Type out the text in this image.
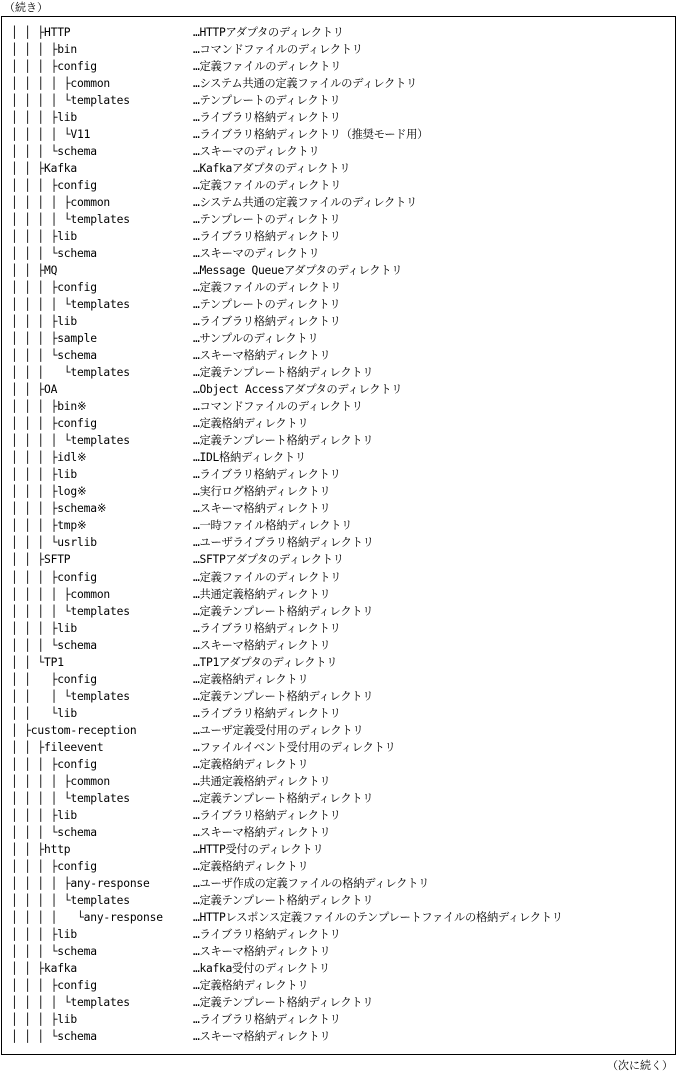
（続き）
│ │ ├HTTP	…HTTPアダプタのディレクトリ
│ │ │ ├bin	…コマンドファイルのディレクトリ
│ │ │ ├config	…定義ファイルのディレクトリ
│ │ │ │ ├common	…システム共通の定義ファイルのディレクトリ
│ │ │ │ └templates	…テンプレートのディレクトリ
│ │ │ ├lib	…ライブラリ格納ディレクトリ
│ │ │ │ └V11	…ライブラリ格納ディレクトリ（推奨モード用）
│ │ │ └schema	…スキーマのディレクトリ
│ │ ├Kafka	…Kafkaアダプタのディレクトリ
│ │ │ ├config	…定義ファイルのディレクトリ
│ │ │ │ ├common	…システム共通の定義ファイルのディレクトリ
│ │ │ │ └templates	…テンプレートのディレクトリ
│ │ │ ├lib	…ライブラリ格納ディレクトリ
│ │ │ └schema	…スキーマのディレクトリ
│ │ ├MQ	…Message Queueアダプタのディレクトリ
│ │ │ ├config	…定義ファイルのディレクトリ
│ │ │ │ └templates	…テンプレートのディレクトリ
│ │ │ ├lib	…ライブラリ格納ディレクトリ
│ │ │ ├sample	…サンプルのディレクトリ
│ │ │ └schema	…スキーマ格納ディレクトリ
│ │ │   └templates	…定義テンプレート格納ディレクトリ
│ │ ├OA	…Object Accessアダプタのディレクトリ
│ │ │ ├bin※	…コマンドファイルのディレクトリ
│ │ │ ├config	…定義格納ディレクトリ
│ │ │ │ └templates	…定義テンプレート格納ディレクトリ
│ │ │ ├idl※	…IDL格納ディレクトリ
│ │ │ ├lib	…ライブラリ格納ディレクトリ
│ │ │ ├log※	…実行ログ格納ディレクトリ
│ │ │ ├schema※	…スキーマ格納ディレクトリ
│ │ │ ├tmp※	…一時ファイル格納ディレクトリ
│ │ │ └usrlib	…ユーザライブラリ格納ディレクトリ
│ │ ├SFTP	…SFTPアダプタのディレクトリ
│ │ │ ├config	…定義ファイルのディレクトリ
│ │ │ │ ├common	…共通定義格納ディレクトリ
│ │ │ │ └templates	…定義テンプレート格納ディレクトリ
│ │ │ ├lib	…ライブラリ格納ディレクトリ
│ │ │ └schema	…スキーマ格納ディレクトリ
│ │ └TP1	…TP1アダプタのディレクトリ
│ │   ├config	…定義格納ディレクトリ
│ │   │ └templates	…定義テンプレート格納ディレクトリ
│ │   └lib	…ライブラリ格納ディレクトリ
│ ├custom-reception	…ユーザ定義受付用のディレクトリ
│ │ ├fileevent	…ファイルイベント受付用のディレクトリ
│ │ │ ├config	…定義格納ディレクトリ
│ │ │ │ ├common	…共通定義格納ディレクトリ
│ │ │ │ └templates	…定義テンプレート格納ディレクトリ
│ │ │ ├lib	…ライブラリ格納ディレクトリ
│ │ │ └schema	…スキーマ格納ディレクトリ
│ │ ├http	…HTTP受付のディレクトリ
│ │ │ ├config	…定義格納ディレクトリ
│ │ │ │ ├any-response	…ユーザ作成の定義ファイルの格納ディレクトリ
│ │ │ │ └templates	…定義テンプレート格納ディレクトリ
│ │ │ │   └any-response	…HTTPレスポンス定義ファイルのテンプレートファイルの格納ディレクトリ
│ │ │ ├lib	…ライブラリ格納ディレクトリ
│ │ │ └schema	…スキーマ格納ディレクトリ
│ │ ├kafka	…kafka受付のディレクトリ
│ │ │ ├config	…定義格納ディレクトリ
│ │ │ │ └templates	…定義テンプレート格納ディレクトリ
│ │ │ ├lib	…ライブラリ格納ディレクトリ
│ │ │ └schema	…スキーマ格納ディレクトリ
（次に続く）
